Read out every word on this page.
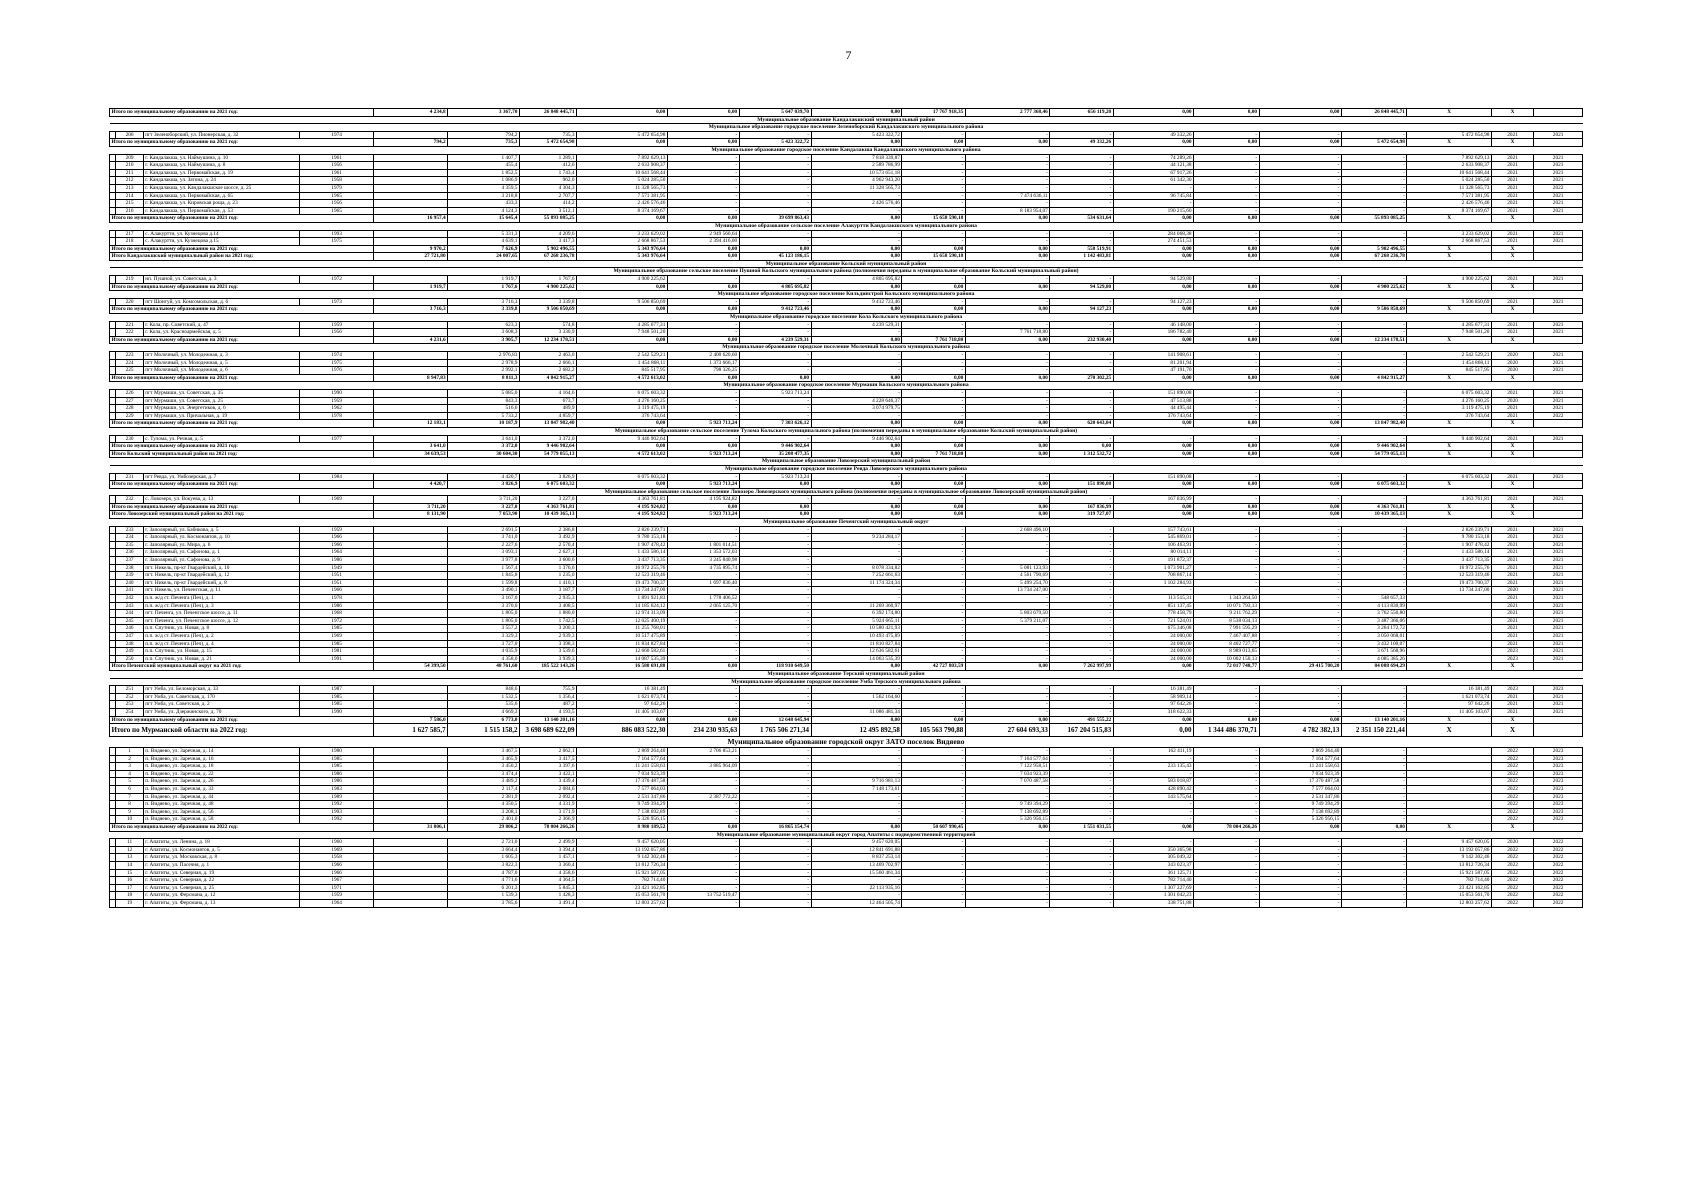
7
Итого по муниципальному образованию на 2021 год:				4 234,8	3 367,70	26 848 445,71	0,00	0,00	5 647 039,70	0,00	17 767 918,35	2 777 368,46	656 119,20	0,00	0,00	0,00	26 848 445,71	X	X	
Муниципальное образование Кандалакшский муниципальный район																				
Муниципальное образование городское поселение Зеленоборский Кандалакшского муниципального района																				
	206	пгт Зеленоборский, ул. Пионерская, д. 32	1974		794,2	735,3	5 472 654,98	-	-	5 423 322,72	-	-	-	49 332,26	-	-	-	5 472 654,98	2021	2021
Итого по муниципальному образованию на 2021 год:				794,2	735,3	5 472 654,98	0,00	0,00	5 423 322,72	0,00	0,00	0,00	49 332,26	0,00	0,00	0,00	5 472 654,98	X	X	
Муниципальное образование городское поселение Кандалакша Кандалакшского муниципального района																				
	209	г. Кандалакша, ул. Наймушина, д. 10	1961		1 407,7	1 289,1	7 892 629,13	-	-	7 818 339,87	-	-	-	74 289,26	-	-	-	7 892 629,13	2021	2021
	210	г. Кандалакша, ул. Наймушина, д. 8	1956		455,4	412,6	2 633 908,37	-	-	2 589 786,99	-	-	-	44 121,38	-	-	-	2 633 908,37	2021	2021
	211	г. Кандалакша, ул. Первомайская, д. 19	1961		1 852,5	1 743,4	10 641 568,44	-	-	10 573 651,18	-	-	-	67 917,26	-	-	-	10 641 568,44	2021	2021
	212	г. Кандалакша, ул. Затона, д. 24	1958		1 086,9	962,0	5 024 285,50	-	-	4 962 943,20	-	-	-	61 342,30	-	-	-	5 024 285,50	2021	2021
	213	г. Кандалакша, ул. Кандалакшское шоссе, д. 25	1979		4 359,5	4 304,3	11 328 565,73	-	-	11 328 565,73	-	-	-	-	-	-	-	11 328 565,73	2021	2022
	214	г. Кандалакша, ул. Первомайская, д. 65	1965		3 218,8	2 707,7	7 571 381,95	-	-	-	-	7 474 636,11	-	96 745,84	-	-	-	7 571 381,95	2021	2021
	215	г. Кандалакша, ул. Кировская роща, д. 23	1956		433,3	414,2	2 426 576,46	-	-	2 426 576,46	-	-	-	-	-	-	-	2 426 576,46	2021	2021
	216	г. Кандалакша, ул. Первомайская, д. 53	1965		4 124,3	3 512,1	8 374 169,67	-	-	-	-	8 183 954,07	-	190 215,60	-	-	-	8 374 169,67	2021	2021
Итого по муниципальному образованию на 2021 год:				16 957,4	15 645,4	55 893 085,25	0,00	0,00	39 699 863,43	0,00	15 658 590,18	0,00	534 631,64	0,00	0,00	0,00	55 893 085,25	X	X	
Муниципальное образование сельское поселение Алакуртти Кандалакшского муниципального района																				
	217	с. Алакуртти, ул. Кузнецова д.14	1993		5 331,3	4 209,6	3 233 629,02	2 949 560,64	-	-	-	-	-	284 068,38	-	-	-	3 233 629,02	2021	2021
	218	с. Алакуртти, ул. Кузнецова д.15	1975		4 639,1	3 417,3	2 668 867,53	2 394 416,00	-	-	-	-	-	274 451,53	-	-	-	2 668 867,53	2021	2021
Итого по муниципальному образованию на 2021 год:				9 970,2	7 626,9	5 902 496,55	5 343 976,64	0,00	0,00	0,00	0,00	0,00	558 519,91	0,00	0,00	0,00	5 902 496,55	X	X	
Итого Кандалакшский муниципальный район на 2021 год:				27 721,80	24 007,65	67 268 236,78	5 343 976,64	0,00	45 123 186,15	0,00	15 658 590,18	0,00	1 142 483,81	0,00	0,00	0,00	67 268 236,78	X	X	
Муниципальное образование Кольский муниципальный район																				
Муниципальное образование сельское поселение Пушной Кольского муниципального района (полномочия переданы в муниципальное образование Кольский муниципальный район)																				
	219	нп. Пушной, ул. Советская, д. 3	1972		1 919,7	1 767,6	4 900 225,62	-	-	4 805 695,82	-	-	-	94 529,80	-	-	-	4 900 225,62	2021	2021
Итого по муниципальному образованию на 2021 год:				1 919,7	1 767,6	4 900 225,62	0,00	0,00	4 805 695,82	0,00	0,00	0,00	94 529,80	0,00	0,00	0,00	4 900 225,62	X	X	
Муниципальное образование городское поселение Кильдинстрой Кольского муниципального района																				
	220	пгт Шонгуй, ул. Комсомольская, д. 6	1973		3 716,3	3 339,8	9 506 850,69	-	-	9 412 723,46	-	-	-	94 127,23	-	-	-	9 506 850,69	2021	2021
Итого по муниципальному образованию на 2021 год:				3 716,3	3 339,8	9 506 850,69	0,00	0,00	9 412 723,46	0,00	0,00	0,00	94 127,23	0,00	0,00	0,00	9 506 850,69	X	X	
Муниципальное образование городское поселение Кола Кольского муниципального района																				
	221	г. Кола, пр. Советский, д. 47	1959		623,3	574,8	4 285 677,31	-	-	4 239 529,31	-	-	-	46 148,00	-	-	-	4 285 677,31	2021	2021
	222	г. Кола, ул. Красноармейская, д. 5	1956		3 608,3	3 330,9	7 948 501,20	-	-	-	-	7 761 718,80	-	186 782,40	-	-	-	7 948 501,20	2021	2021
Итого по муниципальному образованию на 2021 год:				4 231,6	3 905,7	12 234 178,51	0,00	0,00	4 239 529,31	0,00	7 761 718,80	0,00	232 930,40	0,00	0,00	0,00	12 234 178,51	X	X	
Муниципальное образование городское поселение Молочный Кольского муниципального района																				
	223	пгт Молочный, ул. Молодежная, д. 3	1974		2 976,83	2 463,0	2 542 529,21	2 400 620,60	-	-	-	-	-	141 908,61	-	-	-	2 542 529,21	2020	2021
	224	пгт Молочный, ул. Молодежная, д. 5	1975		2 978,9	2 666,1	1 454 868,11	1 373 666,17	-	-	-	-	-	81 201,94	-	-	-	1 454 868,11	2020	2021
	225	пгт Молочный, ул. Молодежная, д. 6	1976		2 992,1	2 682,2	845 517,95	798 326,25	-	-	-	-	-	47 191,70	-	-	-	845 517,95	2020	2021
Итого по муниципальному образованию на 2021 год:				8 947,83	8 811,3	4 842 915,27	4 572 613,02	0,00	0,00	0,00	0,00	0,00	270 302,25	0,00	0,00	0,00	4 842 915,27	X	X	
Муниципальное образование городское поселение Мурмаши Кольского муниципального района																				
	226	пгт Мурмаши, ул. Советская, д. 35	1990		5 085,0	4 164,6	6 075 603,32	-	5 923 713,24	-	-	-	-	151 890,08	-	-	-	6 075 603,32	2021	2021
	227	пгт Мурмаши, ул. Советская, д. 25	1959		843,3	673,7	4 276 160,25	-	-	4 228 646,37	-	-	-	47 513,88	-	-	-	4 276 160,25	2020	2021
	228	пгт Мурмаши, ул. Энергетиков, д. 6	1962		516,6	489,9	3 119 475,19	-	-	3 074 979,75	-	-	-	44 495,44	-	-	-	3 119 475,19	2021	2021
	229	пгт Мурмаши, ул. Причальная, д. 19	1978		5 733,2	4 859,7	376 743,64	-	-	-	-	-	-	376 743,64	-	-	-	376 743,64	2021	2022
Итого по муниципальному образованию на 2021 год:				12 183,1	10 187,9	13 847 982,40	0,00	5 923 713,24	7 303 626,12	0,00	0,00	0,00	620 643,04	0,00	0,00	0,00	13 847 982,40	X	X	
Муниципальное образование сельское поселение Тулома Кольского муниципального района (полномочия переданы в муниципальное образование Кольский муниципальный район)																				
	230	с. Тулома, ул. Речная, д. 5	1977		3 641,0	3 372,0	9 446 902,64	-	-	9 446 902,64	-	-	-	-	-	-	-	9 446 902,64	2021	2021
Итого по муниципальному образованию на 2021 год:				3 641,0	3 372,0	9 446 902,64	0,00	0,00	9 446 902,64	0,00	0,00	0,00	0,00	0,00	0,00	0,00	9 446 902,64	X	X	
Итого Кольский муниципальный район на 2021 год:				34 639,53	30 604,30	54 779 055,13	4 572 613,02	5 923 713,24	35 208 477,35	0,00	7 761 718,80	0,00	1 312 532,72	0,00	0,00	0,00	54 779 055,13	X	X	
Муниципальное образование Ловозерский муниципальный район																				
Муниципальное образование городское поселение Ревда Ловозерского муниципального района																				
	231	пгт Ревда, ул. Умбозерская, д. 7	1984		4 420,7	3 826,9	6 075 603,32	-	5 923 713,24	-	-	-	-	151 890,08	-	-	-	6 075 603,32	2021	2021
Итого по муниципальному образованию на 2021 год:				4 420,7	3 826,9	6 075 603,32	0,00	5 923 713,24	0,00	0,00	0,00	0,00	151 890,08	0,00	0,00	0,00	6 075 603,32	X	X	
Муниципальное образование сельское поселение Ловозеро Ловозерского муниципального района (полномочия переданы в муниципальное образование Ловозерский муниципальный район)																				
	232	с. Ловозеро, ул. Вокуева, д. 13	1969		3 711,20	3 227,0	4 363 761,81	4 195 924,82	-	-	-	-	-	167 836,99	-	-	-	4 363 761,81	2021	2021
Итого по муниципальному образованию на 2021 год:				3 711,20	3 227,0	4 363 761,81	4 195 924,82	0,00	0,00	0,00	0,00	0,00	167 836,99	0,00	0,00	0,00	4 363 761,81	X	X	
Итого Ловозерский муниципальный район на 2021 год:				8 131,90	7 053,90	10 439 365,13	4 195 924,82	5 923 713,24	0,00	0,00	0,00	0,00	319 727,07	0,00	0,00	0,00	10 439 365,13	X	X	
Муниципальное образование Печенгский муниципальный округ																				
	233	г. Заполярный, ул. Бабикова, д. 5	1959		2 691,5	2 386,8	2 826 239,71	-	-	-	-	2 668 496,10	-	157 743,61	-	-	-	2 826 239,71	2021	2021
	234	г. Заполярный, ул. Космонавтов, д. 10	1966		3 741,0	3 492,9	9 780 153,18	-	-	9 234 284,17	-	-	-	545 869,01	-	-	-	9 780 153,18	2021	2021
	235	г. Заполярный, ул. Мира, д. 6	1966		2 227,6	2 570,4	1 907 478,42	1 801 014,51	-	-	-	-	-	106 463,91	-	-	-	1 907 478,42	2021	2021
	236	г. Заполярный, ул. Сафонова, д. 1	1964		3 093,1	2 627,1	1 433 586,14	1 353 572,03	-	-	-	-	-	80 014,11	-	-	-	1 433 586,14	2021	2021
	237	г. Заполярный, ул. Сафонова, д. 9	1986		3 977,8	3 600,6	3 437 713,35	3 245 840,98	-	-	-	-	-	191 872,37	-	-	-	3 437 713,35	2021	2021
	238	пгт. Никель, пр-кт Гвардейский, д. 10	1949		1 567,4	1 376,6	16 972 255,76	4 735 895,74	-	8 078 334,82	-	5 081 123,93	-	1 073 901,27	-	-	-	16 972 255,76	2021	2021
	239	пгт. Никель, пр-кт Гвардейский, д. 12	1951		1 845,8	1 235,0	12 523 319,46	-	-	7 252 661,63	-	4 561 790,69	-	708 867,14	-	-	-	12 523 319,46	2021	2021
	240	пгт. Никель, пр-кт Гвардейский, д. 8	1951		1 599,8	1 410,1	19 473 700,37	1 697 836,40	-	11 174 324,34	-	5 499 254,70	-	1 102 284,93	-	-	-	19 473 700,37	2021	2021
	241	пгт. Никель, ул. Печенгская, д. 11	1966		3 490,1	3 187,7	13 734 247,00	-	-	-	-	13 734 247,00	-	-	-	-	-	13 734 247,00	2020	2021
	242	п.п. ж/д ст. Печенга (Печ), д. 1	1978		3 167,0	2 935,3	1 891 921,83	1 778 406,52	-	-	-	-	-	113 515,31	1 343 264,50	-	548 657,33		2021	2021
	243	п.п. ж/д ст. Печенга (Печ), д. 3	1986		3 370,0	3 408,5	14 185 624,12	2 065 125,70	-	11 269 360,97	-	-	-	851 137,45	10 071 793,13	-	4 113 830,99		2021	2021
	244	пгт. Печенга, ул. Печенгское шоссе, д. 11	1968		1 805,0	1 880,0	12 974 313,09	-	-	6 392 174,80	-	5 803 679,50	-	778 458,79	9 211 762,29	-	3 762 550,80		2021	2021
	245	пгт. Печенга, ул. Печенгское шоссе, д. 12	1972		1 805,0	1 742,5	12 025 400,19	-	-	5 924 665,11	-	5 379 211,07	-	721 524,01	8 538 034,13	-	3 487 366,06		2021	2021
	246	п.п. Спутник, ул. Новая, д. 8	1985		3 557,2	3 200,3	11 255 768,01	-	-	10 580 421,93	-	-	-	675 346,08	7 991 595,29	-	3 264 172,72		2021	2021
	247	п.п. ж/д ст. Печенга (Печ), д. 2	1969		3 329,3	2 939,3	10 517 475,89	-	-	10 493 475,89	-	-	-	24 000,00	7 467 407,88	-	3 050 068,01		2021	2021
	248	п.п. ж/д ст. Печенга (Печ), д. 4	1985		3 727,0	3 398,3	11 834 827,84	-	-	11 810 827,84	-	-	-	24 000,00	8 402 727,77	-	3 432 100,07		2021	2021
	249	п.п. Спутник, ул. Новая, д. 15	1981		4 035,9	3 539,6	12 660 582,61	-	-	12 636 582,61	-	-	-	24 000,00	8 989 013,65	-	3 671 568,96		2023	2021
	250	п.п. Спутник, ул. Новая, д. 21	1991		4 358,0	3 939,3	14 087 535,39	-	-	14 063 535,39	-	-	-	24 000,00	10 002 150,13	-	4 085 385,26		2023	2021
Итого Печенгский муниципальный округ на 2021 год:				54 399,50	48 761,60	185 522 143,26	16 580 691,88	0,00	118 910 649,50	0,00	42 727 803,59	0,00	7 262 997,99	0,00	72 017 748,77	29 415 700,20	84 088 694,29	X	X	
Муниципальное образование Терский муниципальный район																				
Муниципальное образование городское поселение Умба Терского муниципального района																				
	251	пгт Умба, ул. Беломорская, д. 33	1987		848,6	755,9	16 381,49	-	-	-	-	-	-	16 381,49	-	-	-	16 381,49	2023	2023
	252	пгт Умба, ул. Советская, д. 170	1985		1 532,5	1 356,4	1 621 073,74	-	-	1 562 164,60	-	-	-	58 909,14	-	-	-	1 621 073,74	2021	2021
	253	пгт Умба, ул. Советская, д. 2	1985		535,6	487,2	97 642,26	-	-	-	-	-	-	97 642,26	-	-	-	97 642,26	2021	2021
	254	пгт Умба, ул. Дзержинского, д. 70	1990		4 669,3	4 193,5	11 405 103,67	-	-	11 086 481,34	-	-	-	318 622,33	-	-	-	11 405 103,67	2021	2021
Итого по муниципальному образованию на 2021 год:				7 586,0	6 773,0	13 140 201,16	0,00	0,00	12 648 645,94	0,00	0,00	0,00	491 555,22	0,00	0,00	0,00	13 140 201,16	X	X	
Итого по Мурманской области на 2022 год:				1 627 585,7	1 515 158,2	3 698 689 622,09	886 083 522,30	234 230 935,63	1 765 506 271,34	12 495 892,58	105 563 790,88	27 604 693,33	167 204 515,83	0,00	1 344 486 370,71	4 782 382,13	2 351 150 221,44	X	X	
Муниципальное образование городской округ ЗАТО поселок Видяево																				
	1	п. Видяево, ул. Заречная, д. 14	1980		3 467,5	2 062,1	2 869 264,40	2 706 853,21	-	-	-	-	-	162 411,19	-	2 869 264,40	-		2022	2023
	2	п. Видяево, ул. Заречная, д. 16	1985		3 465,9	3 417,5	7 164 577,64	-	-	-	-	7 164 577,64	-	-	-	7 164 577,64	-		2022	2023
	3	п. Видяево, ул. Заречная, д. 18	1985		3 450,2	3 397,6	11 241 558,63	3 885 964,09	-	-	-	7 122 958,51	-	233 135,43	-	11 241 558,63	-		2022	2023
	4	п. Видяево, ул. Заречная, д. 22	1986		3 474,4	3 422,1	7 034 923,39	-	-	-	-	7 034 923,39	-	-	-	7 034 923,39	-		2022	2023
	5	п. Видяево, ул. Заречная, д. 26	1986		3 489,2	3 439,4	17 370 487,58	-	-	9 716 981,13	-	7 070 487,58	-	583 018,87	-	17 370 487,58	-		2022	2023
	6	п. Видяево, ул. Заречная, д. 33	1983		2 117,4	2 084,6	7 577 064,03	-	-	7 148 173,61	-	-	-	428 890,42	-	7 577 064,03	-		2022	2023
	7	п. Видяево, ул. Заречная, д. 44	1989		2 381,9	2 092,4	2 531 347,86	2 387 772,22	-	-	-	-	-	143 575,64	-	2 531 347,86	-		2022	2023
	8	п. Видяево, ул. Заречная, д. 48	1992		4 350,5	4 331,9	9 749 394,29	-	-	-	-	9 749 394,29	-	-	-	9 749 394,29	-		2022	2023
	9	п. Видяево, ул. Заречная, д. 56	1993		3 208,1	3 171,9	7 138 692,89	-	-	-	-	7 138 692,89	-	-	-	7 138 692,89	-		2022	2023
	10	п. Видяево, ул. Заречная, д. 58	1992		2 401,0	2 366,9	5 326 956,15	-	-	-	-	5 326 956,15	-	-	-	5 326 956,15	-		2022	2023
Итого по муниципальному образованию на 2022 год:				31 806,1	29 806,2	78 004 266,26	8 980 189,52	0,00	16 865 154,74	0,00	50 607 990,45	0,00	1 551 031,55	0,00	78 004 266,26	0,00	0,00	X	X	
Муниципальное образование муниципальный округ город Апатиты с подведомственной территорией																				
	11	г. Апатиты, ул. Ленина, д. 18	1960		2 721,0	2 499,9	9 457 620,05	-	-	9 457 620,05	-	-	-	-	-	-	-	9 457 620,05	2020	2022
	12	г. Апатиты, ул. Космонавтов, д. 5	1969		3 664,4	3 394,4	13 192 057,86	-	-	12 841 691,88	-	-	-	350 365,98	-	-	-	13 192 057,86	2022	2022
	13	г. Апатиты, ул. Московская, д. 8	1958		1 605,3	1 457,1	9 142 302,46	-	-	8 837 253,14	-	-	-	305 049,32	-	-	-	9 142 302,46	2022	2022
	14	г. Апатиты, ул. Пасечня, д. 1	1966		3 822,3	3 360,4	13 812 726,34	-	-	13 469 702,97	-	-	-	343 023,37	-	-	-	13 812 726,34	2022	2022
	15	г. Апатиты, ул. Северная, д. 19	1966		4 787,0	4 358,6	15 921 587,05	-	-	15 560 461,34	-	-	-	361 125,71	-	-	-	15 921 587,05	2022	2022
	16	г. Апатиты, ул. Северная, д. 22	1967		4 771,6	4 364,5	782 714,40	-	-	-	-	-	-	782 714,40	-	-	-	782 714,40	2022	2022
	17	г. Апатиты, ул. Северная, д. 25	1971		6 201,3	5 845,3	23 421 162,85	-	-	22 113 935,16	-	-	-	1 307 227,69	-	-	-	23 421 162,85	2022	2022
	18	г. Апатиты, ул. Ферсмана, д. 12	1959		1 539,3	1 428,3	15 053 561,70	13 752 519,47	-	-	-	-	-	1 301 042,23	-	-	-	15 053 561,70	2022	2022
	19	г. Апатиты, ул. Ферсмана, д. 13	1964		3 785,6	3 491,4	12 803 257,62	-	-	12 464 505,74	-	-	-	338 751,88	-	-	-	12 803 257,62	2022	2022
